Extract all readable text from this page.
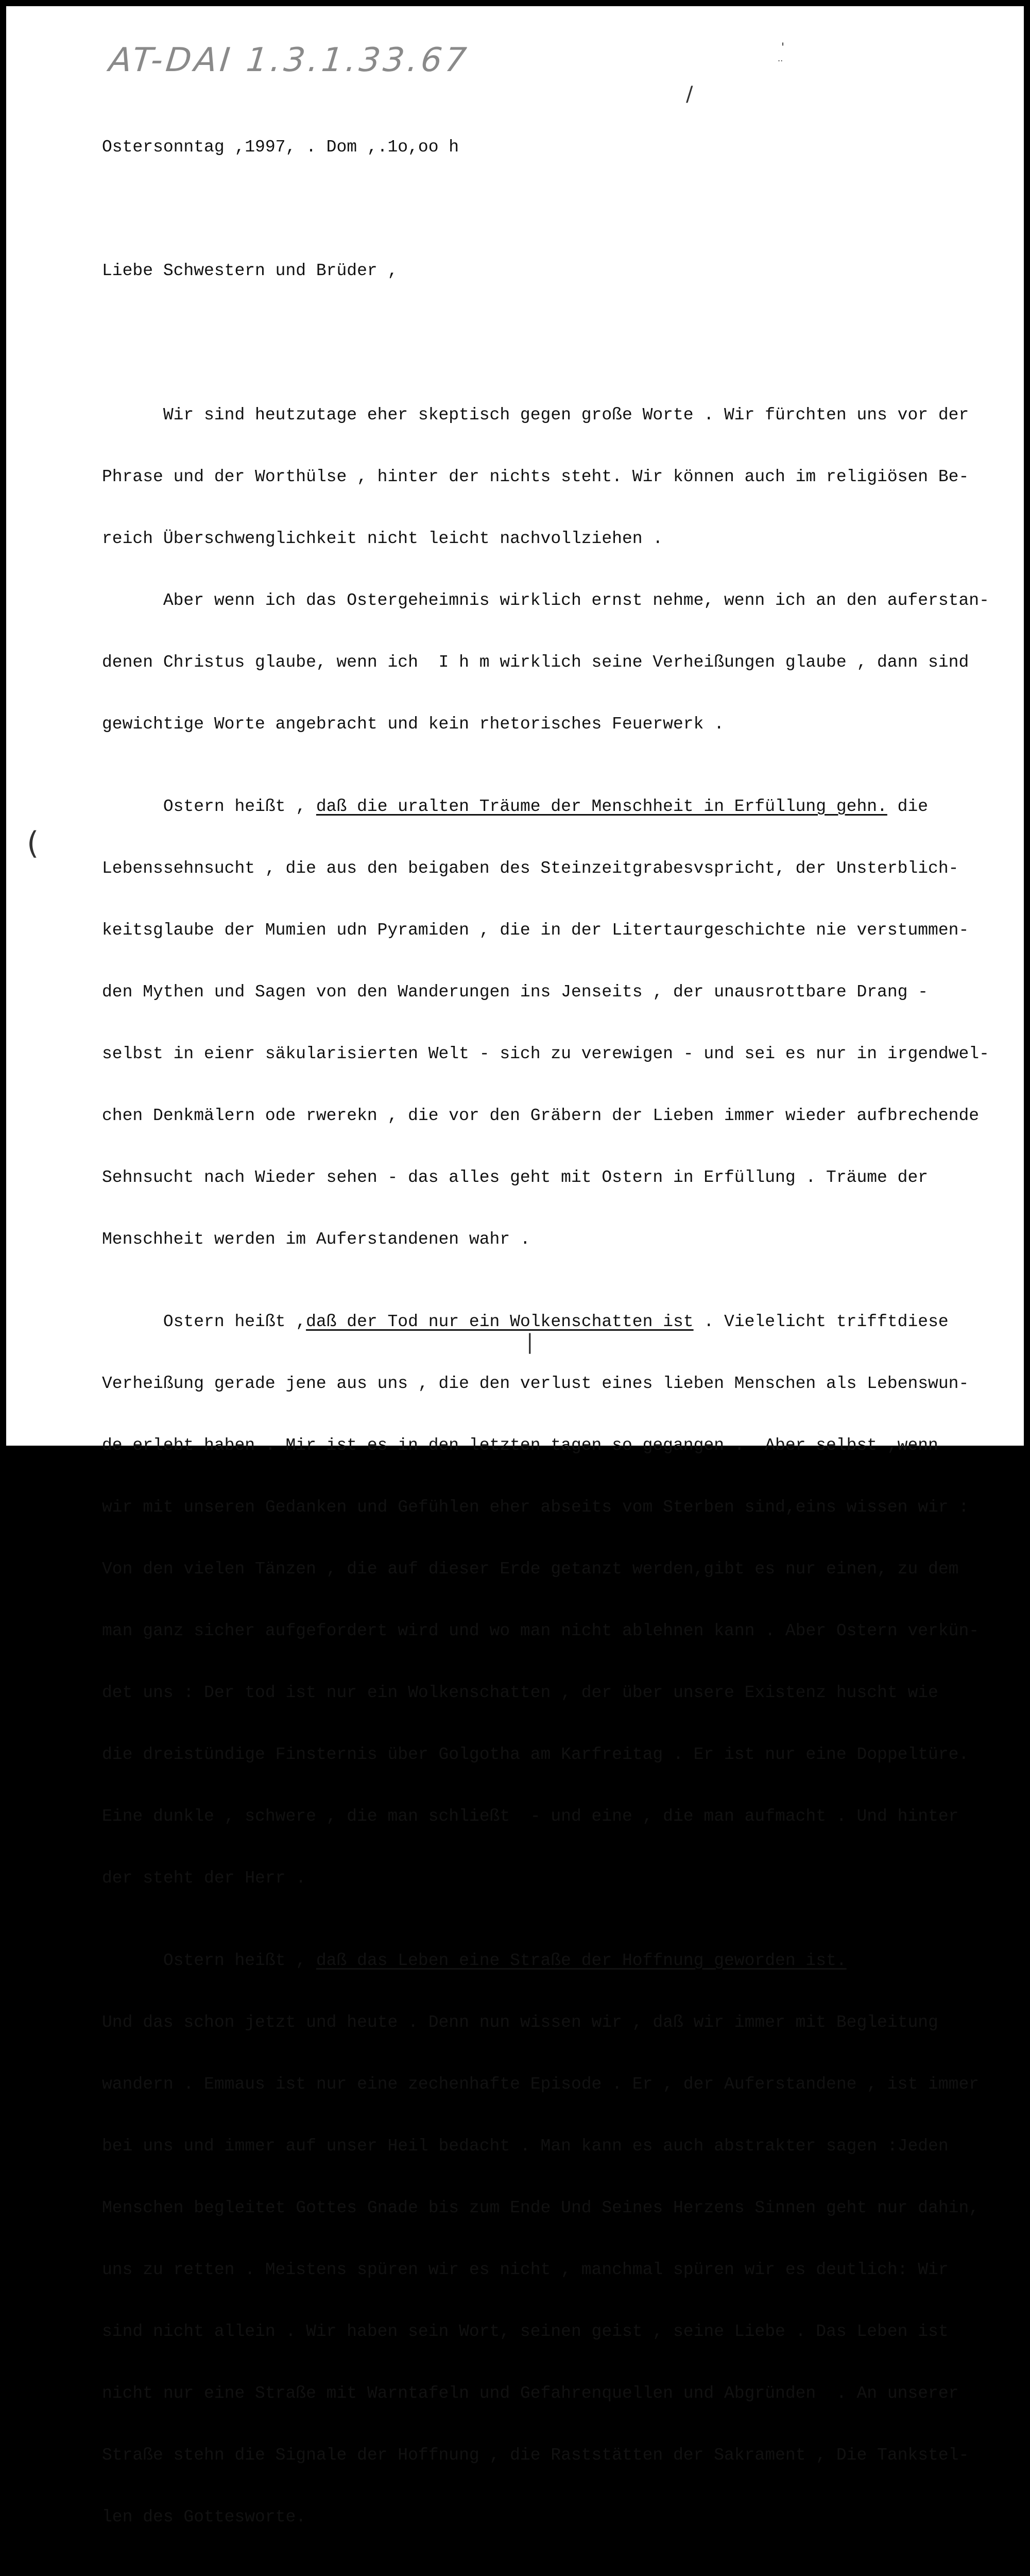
AT-DAI 1.3.1.33.67
/
'
..
(
|

Ostersonntag ,1997, . Dom ,.1o,oo h

Liebe Schwestern und Brüder ,

Wir sind heutzutage eher skeptisch gegen große Worte . Wir fürchten uns vor der

Phrase und der Worthülse , hinter der nichts steht. Wir können auch im religiösen Be-

reich Überschwenglichkeit nicht leicht nachvollziehen .

Aber wenn ich das Ostergeheimnis wirklich ernst nehme, wenn ich an den auferstan-

denen Christus glaube, wenn ich  I h m wirklich seine Verheißungen glaube , dann sind

gewichtige Worte angebracht und kein rhetorisches Feuerwerk .

Ostern heißt , daß die uralten Träume der Menschheit in Erfüllung gehn. die

Lebenssehnsucht , die aus den beigaben des Steinzeitgrabesvspricht, der Unsterblich-

keitsglaube der Mumien udn Pyramiden , die in der Litertaurgeschichte nie verstummen-

den Mythen und Sagen von den Wanderungen ins Jenseits , der unausrottbare Drang -

selbst in eienr säkularisierten Welt - sich zu verewigen - und sei es nur in irgendwel-

chen Denkmälern ode rwerekn , die vor den Gräbern der Lieben immer wieder aufbrechende

Sehnsucht nach Wieder sehen - das alles geht mit Ostern in Erfüllung . Träume der

Menschheit werden im Auferstandenen wahr .

Ostern heißt ,daß der Tod nur ein Wolkenschatten ist . Vielelicht trifftdiese

Verheißung gerade jene aus uns , die den verlust eines lieben Menschen als Lebenswun-

de erlebt haben . Mir ist es in den letzten tagen so gegangen .  Aber selbst ,wenn

wir mit unseren Gedanken und Gefühlen eher abseits vom Sterben sind,eins wissen wir :

Von den vielen Tänzen , die auf dieser Erde getanzt werden,gibt es nur einen, zu dem

man ganz sicher aufgefordert wird und wo man nicht ablehnen kann . Aber Ostern verkün-

det uns : Der tod ist nur ein Wolkenschatten , der über unsere Existenz huscht wie

die dreistündige Finsternis über Golgotha am Karfreitag . Er ist nur eine Doppeltüre.

Eine dunkle , schwere , die man schließt  - und eine , die man aufmacht . Und hinter

der steht der Herr .

Ostern heißt , daß das Leben eine Straße der Hoffnung geworden ist.

Und das schon jetzt und heute . Denn nun wissen wir , daß wir immer mit Begleitung

wandern . Emmaus ist nur eine zechenhafte Episode . Er , der Auferstandene , ist immer

bei uns und immer auf unser Heil bedacht . Man kann es auch abstrakter sagen :Jeden

Menschen begleitet Gottes Gnade bis zum Ende Und Seines Herzens Sinnen geht nur dahin,

uns zu retten . Meistens spüren wir es nicht , manchmal spüren wir es deutlich: Wir

sind nicht allein . Wir haben sein Wort, seinen geist , seine Liebe . Das Leben ist

nicht nur eine Straße mit Warntafeln und Gefahrenquellen und Abgründen  . An unserer

Straße stehn die Signale der Hoffnung , die Raststätten der Sakrament , Die Tankstel-

len des Gottesworte.
